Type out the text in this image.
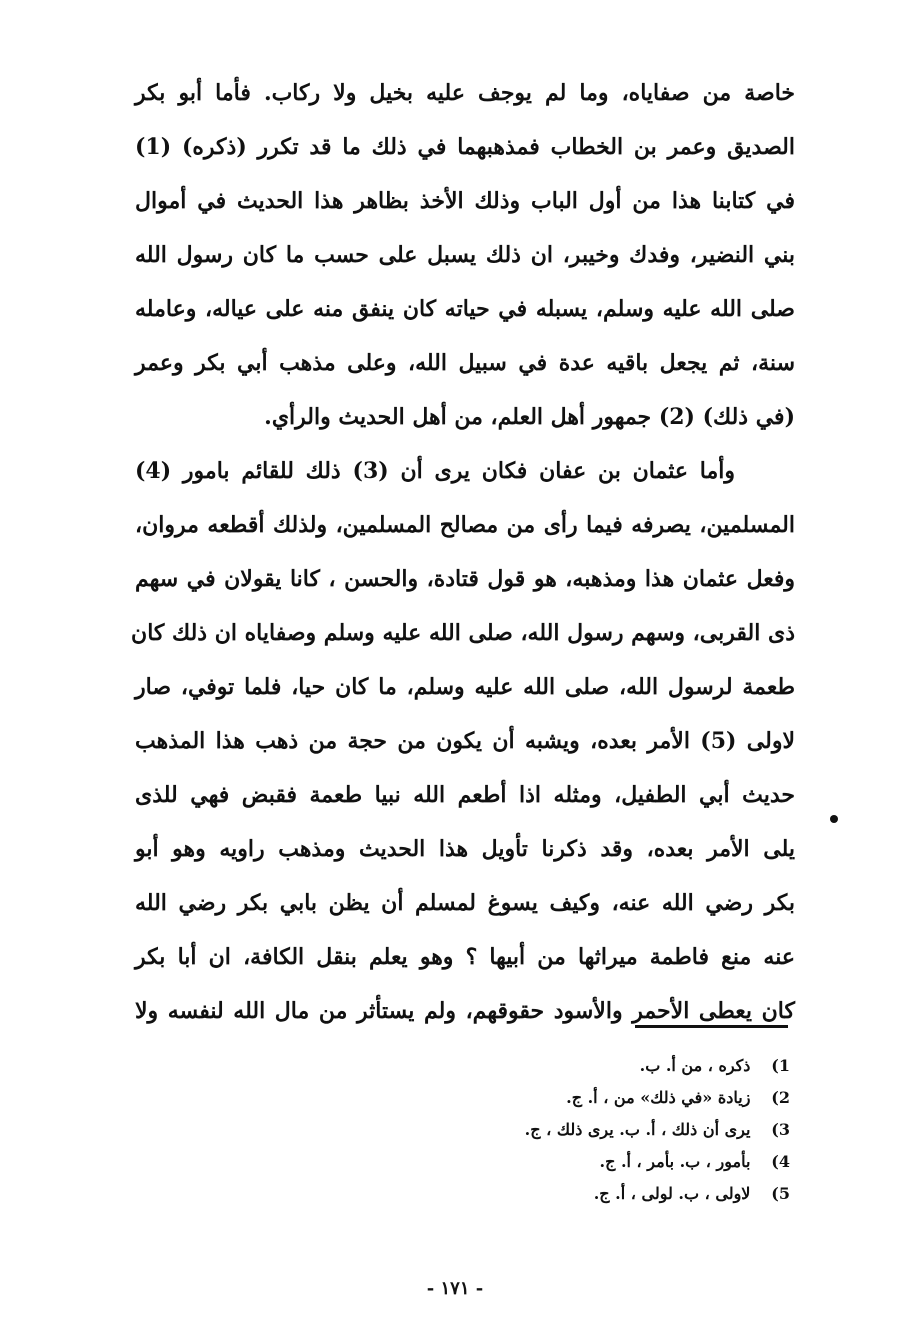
خاصة من صفاياه، وما لم يوجف عليه بخيل ولا ركاب. فأما أبو بكر
الصديق وعمر بن الخطاب فمذهبهما في ذلك ما قد تكرر (ذكره) (1)
في كتابنا هذا من أول الباب وذلك الأخذ بظاهر هذا الحديث في أموال
بني النضير، وفدك وخيبر، ان ذلك يسبل على حسب ما كان رسول الله
صلى الله عليه وسلم، يسبله في حياته كان ينفق منه على عياله، وعامله
سنة، ثم يجعل باقيه عدة في سبيل الله، وعلى مذهب أبي بكر وعمر
(في ذلك) (2) جمهور أهل العلم، من أهل الحديث والرأي.
وأما عثمان بن عفان فكان يرى أن (3) ذلك للقائم بامور (4)
المسلمين، يصرفه فيما رأى من مصالح المسلمين، ولذلك أقطعه مروان،
وفعل عثمان هذا ومذهبه، هو قول قتادة، والحسن ، كانا يقولان في سهم
ذى القربى، وسهم رسول الله، صلى الله عليه وسلم وصفاياه ان ذلك كان
طعمة لرسول الله، صلى الله عليه وسلم، ما كان حيا، فلما توفي، صار
لاولى (5) الأمر بعده، ويشبه أن يكون من حجة من ذهب هذا المذهب
حديث أبي الطفيل، ومثله اذا أطعم الله نبيا طعمة فقبض فهي للذى
يلى الأمر بعده، وقد ذكرنا تأويل هذا الحديث ومذهب راويه وهو أبو
بكر رضي الله عنه، وكيف يسوغ لمسلم أن يظن بابي بكر رضي الله
عنه منع فاطمة ميراثها من أبيها ؟ وهو يعلم بنقل الكافة، ان أبا بكر
كان يعطى الأحمر والأسود حقوقهم، ولم يستأثر من مال الله لنفسه ولا
1) ذكره ، من أ. ب.
2) زيادة «في ذلك» من ، أ. ج.
3) يرى أن ذلك ، أ. ب. يرى ذلك ، ج.
4) بأمور ، ب. بأمر ، أ. ج.
5) لاولى ، ب. لولى ، أ. ج.
- ١٧١ -
